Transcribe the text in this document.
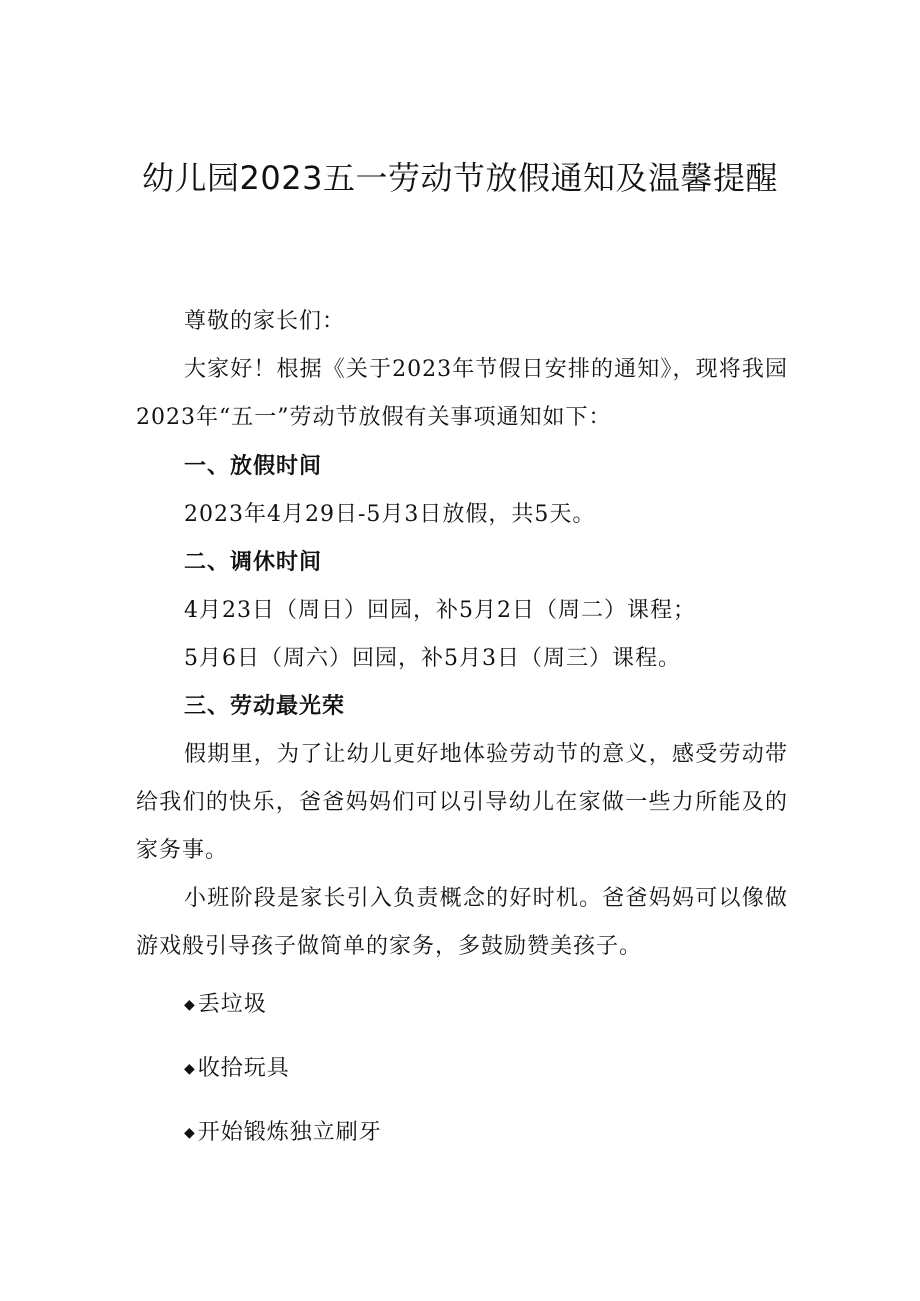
幼儿园2023五一劳动节放假通知及温馨提醒
尊敬的家长们：
大家好！根据《关于2023年节假日安排的通知》，现将我园2023年“五一”劳动节放假有关事项通知如下：
一、放假时间
2023年4月29日-5月3日放假，共5天。
二、调休时间
4月23日（周日）回园，补5月2日（周二）课程；
5月6日（周六）回园，补5月3日（周三）课程。
三、劳动最光荣
假期里，为了让幼儿更好地体验劳动节的意义，感受劳动带给我们的快乐，爸爸妈妈们可以引导幼儿在家做一些力所能及的家务事。
小班阶段是家长引入负责概念的好时机。爸爸妈妈可以像做游戏般引导孩子做简单的家务，多鼓励赞美孩子。
◆丢垃圾
◆收拾玩具
◆开始锻炼独立刷牙
